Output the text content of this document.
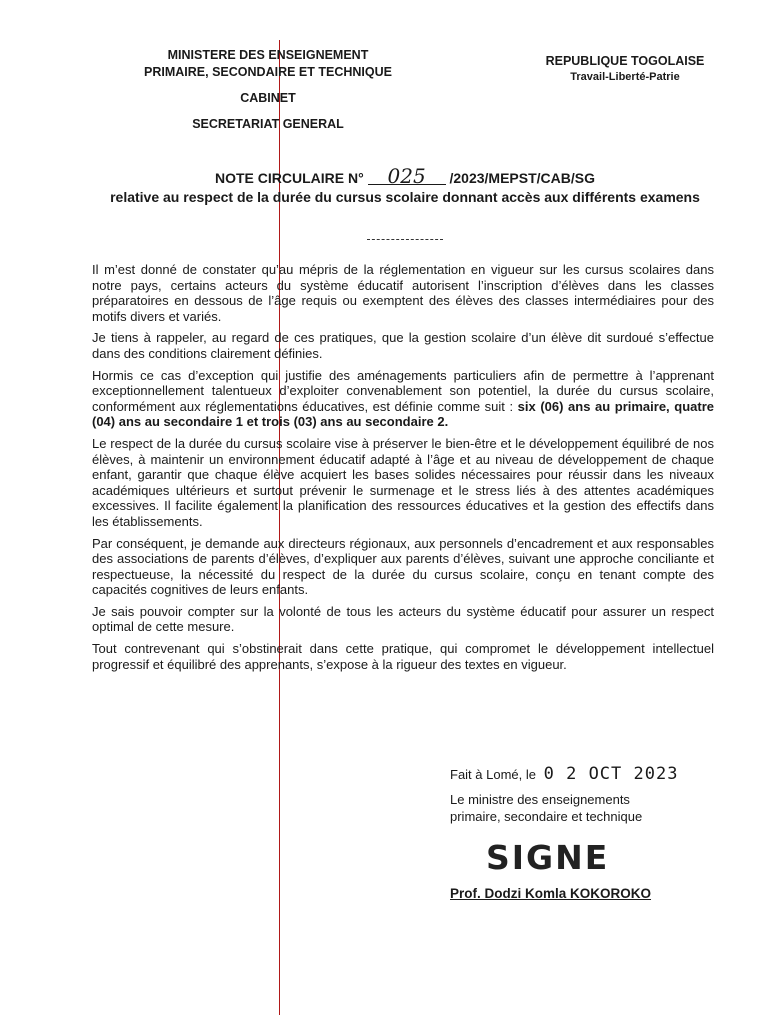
MINISTERE DES ENSEIGNEMENT
PRIMAIRE, SECONDAIRE ET TECHNIQUE
CABINET
SECRETARIAT GENERAL
REPUBLIQUE TOGOLAISE
Travail-Liberté-Patrie
NOTE CIRCULAIRE N° 025 /2023/MEPST/CAB/SG
relative au respect de la durée du cursus scolaire donnant accès aux différents examens

Il m’est donné de constater qu’au mépris de la réglementation en vigueur sur les cursus scolaires dans notre pays, certains acteurs du système éducatif autorisent l’inscription d’élèves dans les classes préparatoires en dessous de l’âge requis ou exemptent des élèves des classes intermédiaires pour des motifs divers et variés.

Je tiens à rappeler, au regard de ces pratiques, que la gestion scolaire d’un élève dit surdoué s’effectue dans des conditions clairement définies.

Hormis ce cas d’exception qui justifie des aménagements particuliers afin de permettre à l’apprenant exceptionnellement talentueux d’exploiter convenablement son potentiel, la durée du cursus scolaire, conformément aux réglementations éducatives, est définie comme suit : six (06) ans au primaire, quatre (04) ans au secondaire 1 et trois (03) ans au secondaire 2.

Le respect de la durée du cursus scolaire vise à préserver le bien-être et le développement équilibré de nos élèves, à maintenir un environnement éducatif adapté à l’âge et au niveau de développement de chaque enfant, garantir que chaque élève acquiert les bases solides nécessaires pour réussir dans les niveaux académiques ultérieurs et surtout prévenir le surmenage et le stress liés à des attentes académiques excessives. Il facilite également la planification des ressources éducatives et la gestion des effectifs dans les établissements.

Par conséquent, je demande aux directeurs régionaux, aux personnels d’encadrement et aux responsables des associations de parents d’élèves, d’expliquer aux parents d’élèves, suivant une approche conciliante et respectueuse, la nécessité du respect de la durée du cursus scolaire, conçu en tenant compte des capacités cognitives de leurs enfants.

Je sais pouvoir compter sur la volonté de tous les acteurs du système éducatif pour assurer un respect optimal de cette mesure.

Tout contrevenant qui s’obstinerait dans cette pratique, qui compromet le développement intellectuel progressif et équilibré des apprenants, s’expose à la rigueur des textes en vigueur.

Fait à Lomé, le 0 2 OCT 2023
Le ministre des enseignements
primaire, secondaire et technique
SIGNE
Prof. Dodzi Komla KOKOROKO
